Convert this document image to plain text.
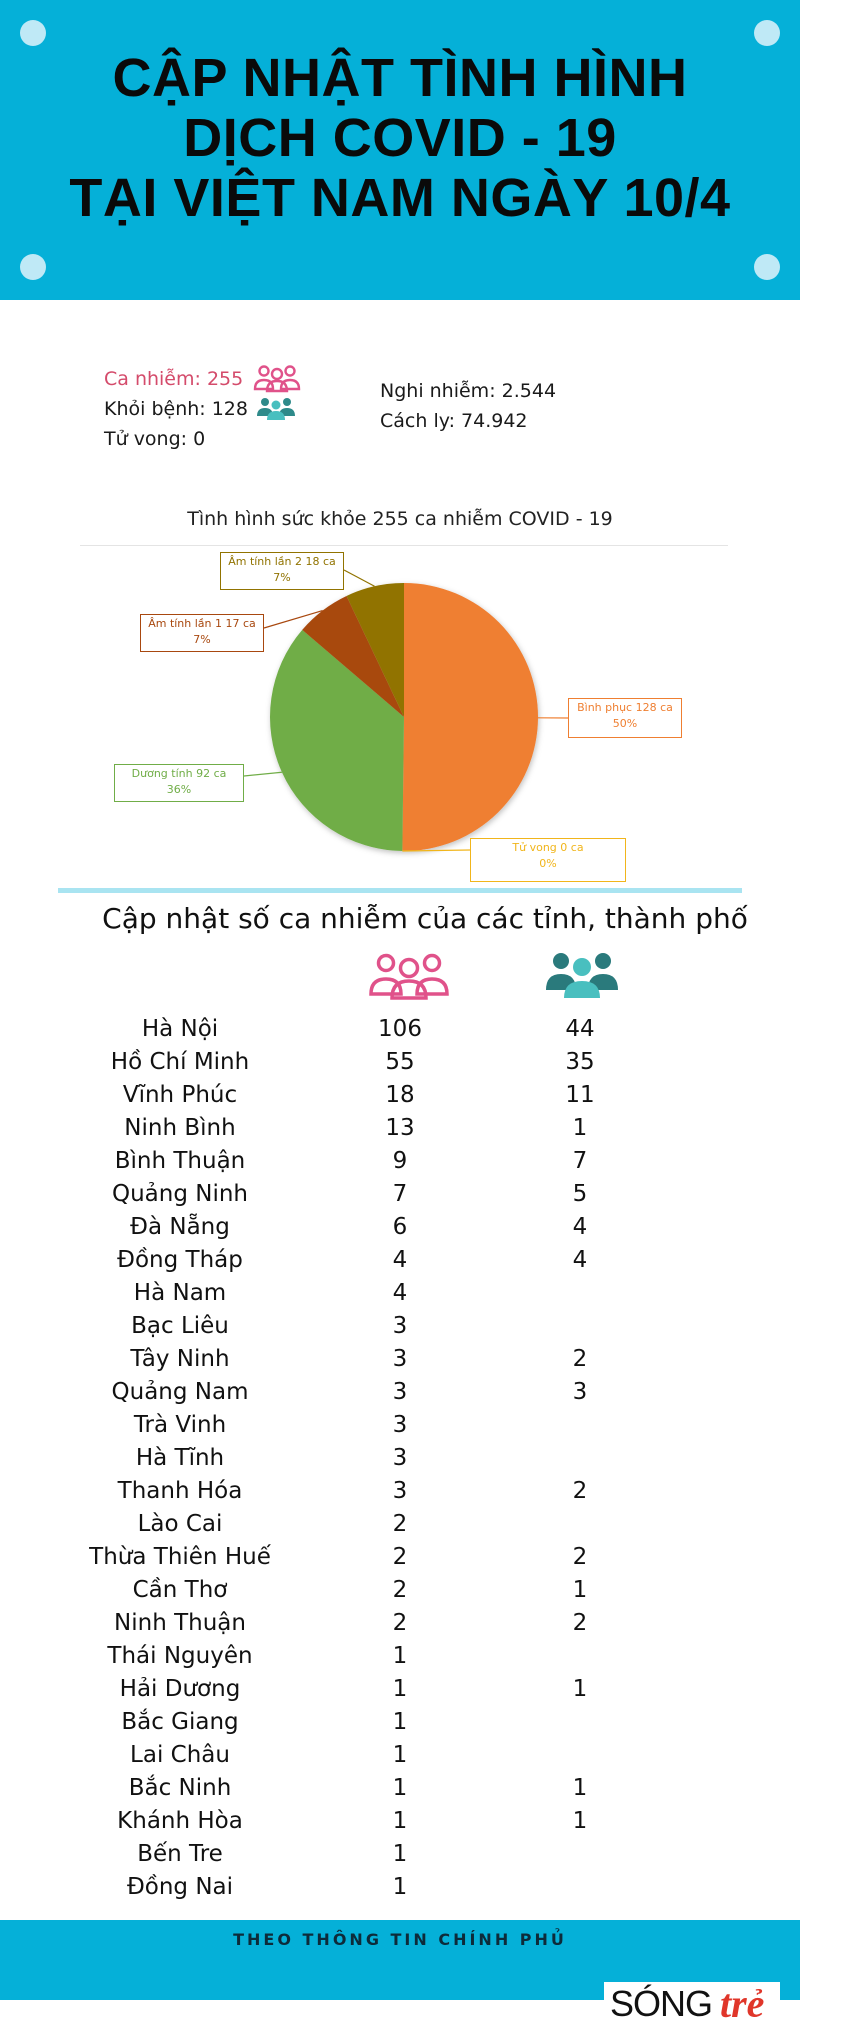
CẬP NHẬT TÌNH HÌNH
DỊCH COVID - 19
TẠI VIỆT NAM NGÀY 10/4
Ca nhiễm: 255
Khỏi bệnh: 128
Tử vong: 0
Nghi nhiễm: 2.544
Cách ly: 74.942
Tình hình sức khỏe 255 ca nhiễm COVID - 19
Bình phục 128 ca
50%
Tử vong 0 ca
0%
Dương tính 92 ca
36%
Âm tính lần 1 17 ca
7%
Âm tính lần 2 18 ca
7%
Cập nhật số ca nhiễm của các tỉnh, thành phố
Hà Nội	106	44
Hồ Chí Minh	55	35
Vĩnh Phúc	18	11
Ninh Bình	13	1
Bình Thuận	9	7
Quảng Ninh	7	5
Đà Nẵng	6	4
Đồng Tháp	4	4
Hà Nam	4
Bạc Liêu	3
Tây Ninh	3	2
Quảng Nam	3	3
Trà Vinh	3
Hà Tĩnh	3
Thanh Hóa	3	2
Lào Cai	2
Thừa Thiên Huế	2	2
Cần Thơ	2	1
Ninh Thuận	2	2
Thái Nguyên	1
Hải Dương	1	1
Bắc Giang	1
Lai Châu	1
Bắc Ninh	1	1
Khánh Hòa	1	1
Bến Tre	1
Đồng Nai	1
THEO THÔNG TIN CHÍNH PHỦ
SÓNG trẻ
